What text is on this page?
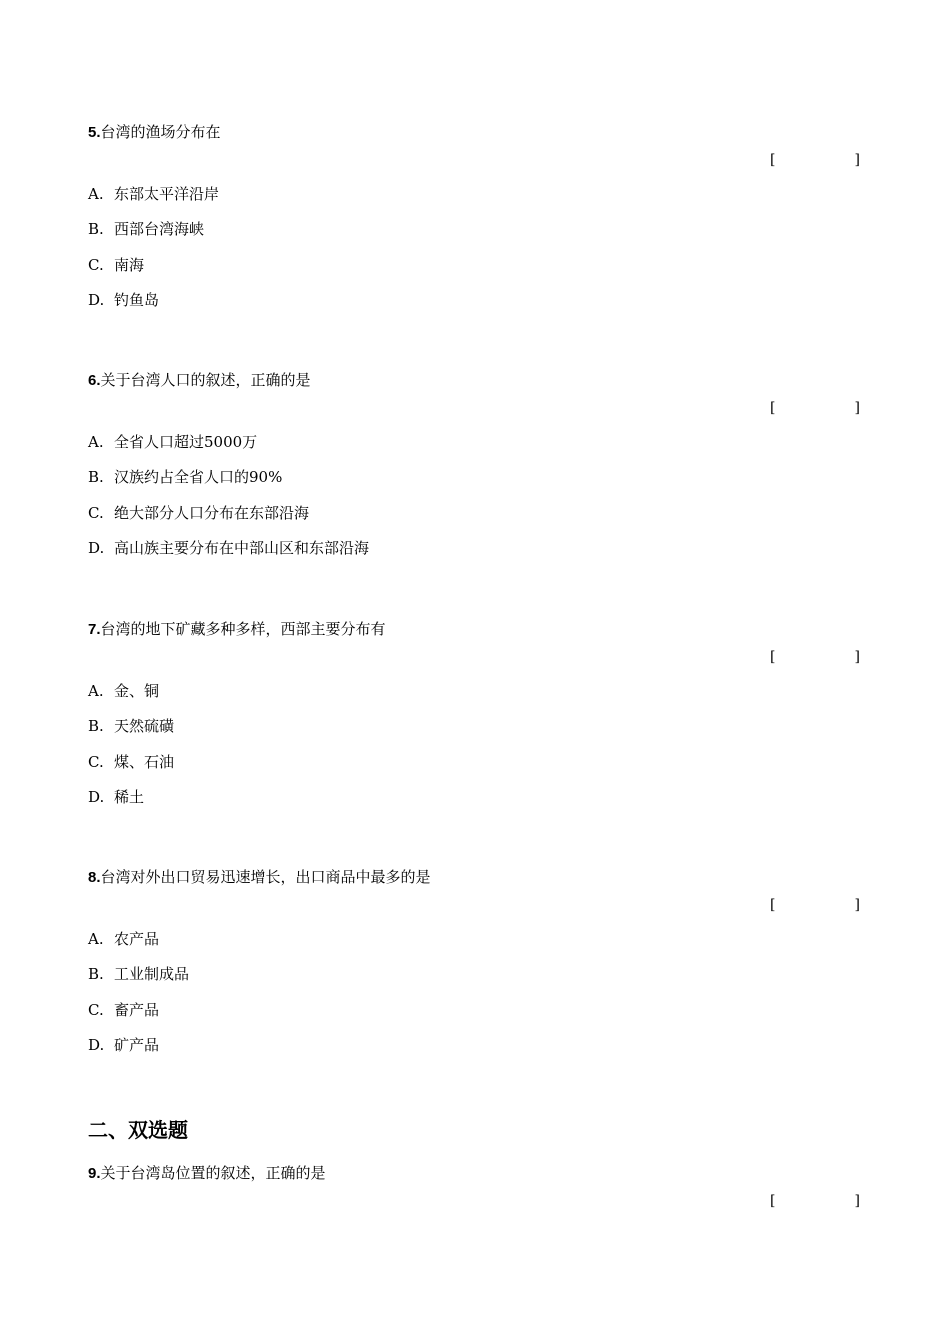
5.台湾的渔场分布在
[	]
A. 东部太平洋沿岸
B. 西部台湾海峡
C. 南海
D. 钓鱼岛
6.关于台湾人口的叙述，正确的是
[	]
A. 全省人口超过5000万
B. 汉族约占全省人口的90%
C. 绝大部分人口分布在东部沿海
D. 高山族主要分布在中部山区和东部沿海
7.台湾的地下矿藏多种多样，西部主要分布有
[	]
A. 金、铜
B. 天然硫磺
C. 煤、石油
D. 稀土
8.台湾对外出口贸易迅速增长，出口商品中最多的是
[	]
A. 农产品
B. 工业制成品
C. 畜产品
D. 矿产品
二、双选题
9.关于台湾岛位置的叙述，正确的是
[	]
